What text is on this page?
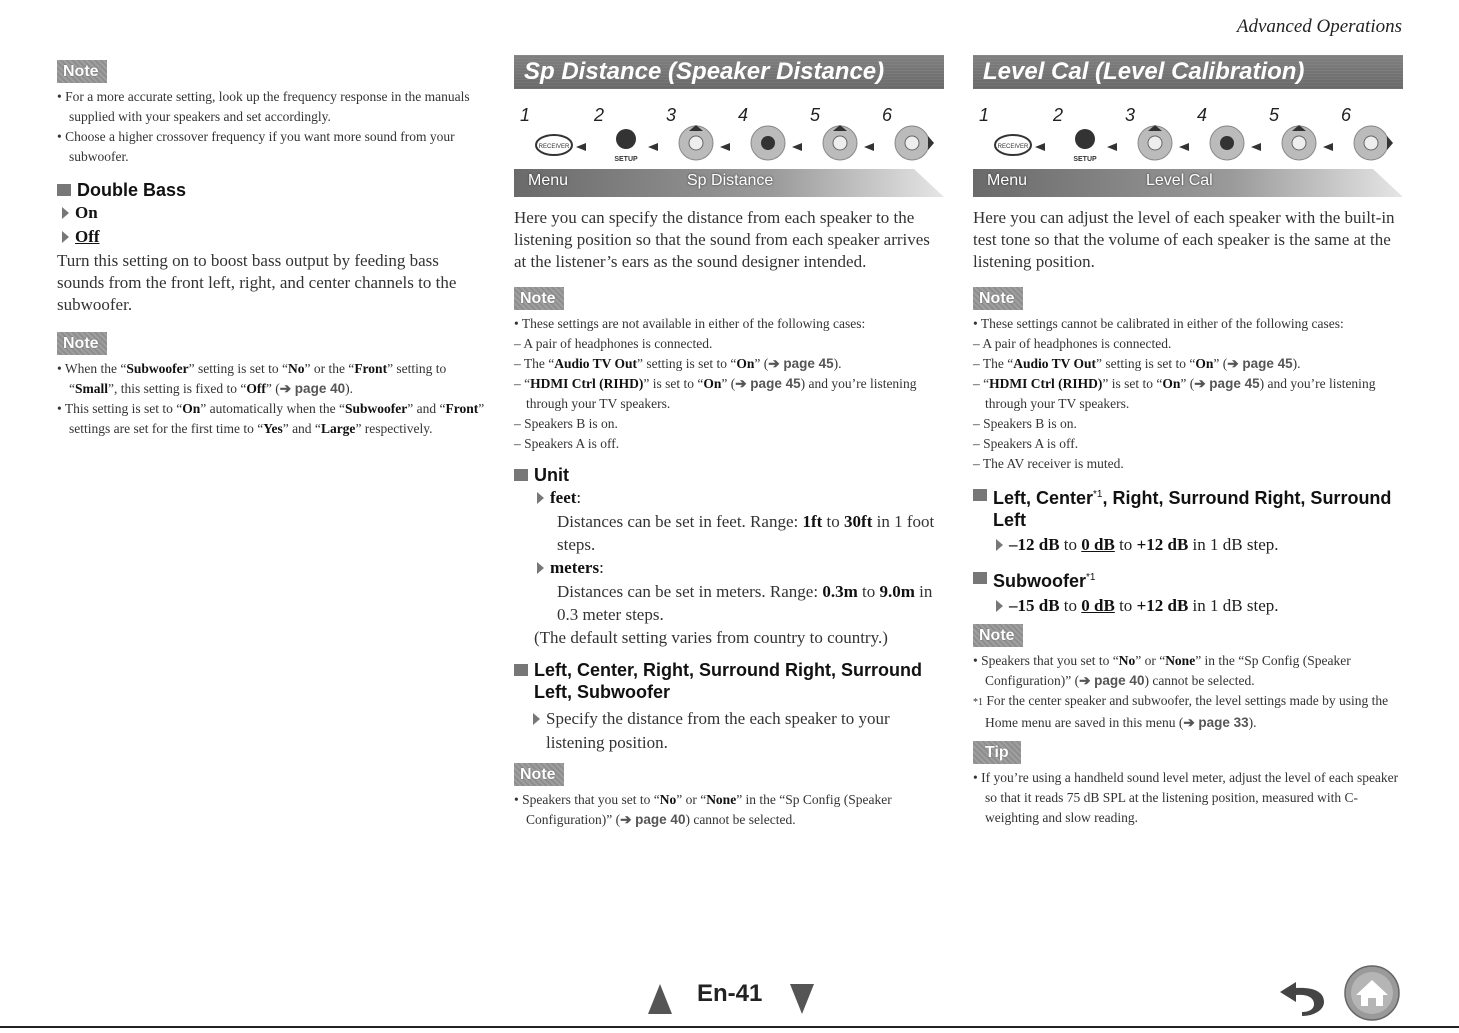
Advanced Operations
Note
• For a more accurate setting, look up the frequency response in the manuals supplied with your speakers and set accordingly.
• Choose a higher crossover frequency if you want more sound from your subwoofer.
Double Bass
On
Off

Turn this setting on to boost bass output by feeding bass sounds from the front left, right, and center channels to the subwoofer.

Note
• When the “Subwoofer” setting is set to “No” or the “Front” setting to “Small”, this setting is fixed to “Off” (➔ page 40).
• This setting is set to “On” automatically when the “Subwoofer” and “Front” settings are set for the first time to “Yes” and “Large” respectively.
Sp Distance (Speaker Distance)
1	2	3	4	5	6
RECEIVER
SETUP
Menu	Sp Distance

Here you can specify the distance from each speaker to the listening position so that the sound from each speaker arrives at the listener’s ears as the sound designer intended.

Note
• These settings are not available in either of the following cases:
– A pair of headphones is connected.
– The “Audio TV Out” setting is set to “On” (➔ page 45).
– “HDMI Ctrl (RIHD)” is set to “On” (➔ page 45) and you’re listening through your TV speakers.
– Speakers B is on.
– Speakers A is off.
Unit
feet:

Distances can be set in feet. Range: 1ft to 30ft in 1 foot steps.

meters:

Distances can be set in meters. Range: 0.3m to 9.0m in 0.3 meter steps.

(The default setting varies from country to country.)

Left, Center, Right, Surround Right, Surround Left, Subwoofer
Specify the distance from the each speaker to your listening position.
Note
• Speakers that you set to “No” or “None” in the “Sp Config (Speaker Configuration)” (➔ page 40) cannot be selected.
Level Cal (Level Calibration)
1	2	3	4	5	6
RECEIVER
SETUP
Menu	Level Cal

Here you can adjust the level of each speaker with the built-in test tone so that the volume of each speaker is the same at the listening position.

Note
• These settings cannot be calibrated in either of the following cases:
– A pair of headphones is connected.
– The “Audio TV Out” setting is set to “On” (➔ page 45).
– “HDMI Ctrl (RIHD)” is set to “On” (➔ page 45) and you’re listening through your TV speakers.
– Speakers B is on.
– Speakers A is off.
– The AV receiver is muted.
Left, Center$^{*1}$, Right, Surround Right, Surround Left
–12 dB to 0 dB to +12 dB in 1 dB step.
Subwoofer$^{*1}$
–15 dB to 0 dB to +12 dB in 1 dB step.
Note
• Speakers that you set to “No” or “None” in the “Sp Config (Speaker Configuration)” (➔ page 40) cannot be selected.
*1 For the center speaker and subwoofer, the level settings made by using the Home menu are saved in this menu (➔ page 33).
Tip
• If you’re using a handheld sound level meter, adjust the level of each speaker so that it reads 75 dB SPL at the listening position, measured with C-weighting and slow reading.
En-41
